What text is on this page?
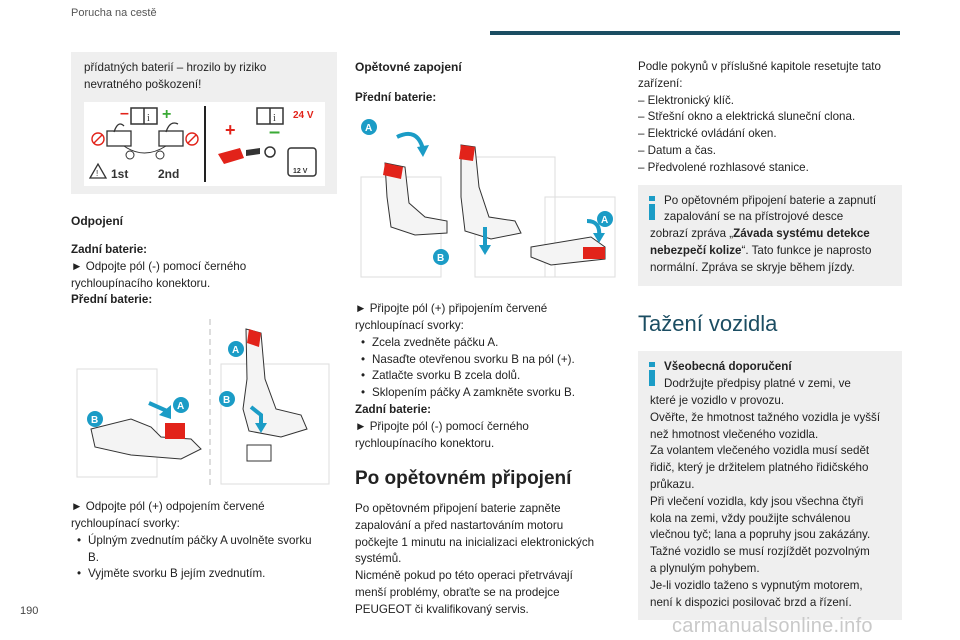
Porucha na cestě
přídatných baterií – hrozilo by riziko
nevratného poškození!
i
– +
! 1st 2nd
i 24 V
+ –
12 V
Odpojení
Zadní baterie:
► Odpojte pól (-) pomocí černého
rychloupínacího konektoru.
Přední baterie:
A
B
A
B
► Odpojte pól (+) odpojením červené
rychloupínací svorky:
• Úplným zvednutím páčky A uvolněte svorku
B.
• Vyjměte svorku B jejím zvednutím.
Opětovné zapojení
Přední baterie:
A
B
A
► Připojte pól (+) připojením červené
rychloupínací svorky:
• Zcela zvedněte páčku A.
• Nasaďte otevřenou svorku B na pól (+).
• Zatlačte svorku B zcela dolů.
• Sklopením páčky A zamkněte svorku B.
Zadní baterie:
► Připojte pól (-) pomocí černého
rychloupínacího konektoru.
Po opětovném připojení
Po opětovném připojení baterie zapněte
zapalování a před nastartováním motoru
počkejte 1 minutu na inicializaci elektronických
systémů.
Nicméně pokud po této operaci přetrvávají
menší problémy, obraťte se na prodejce
PEUGEOT či kvalifikovaný servis.
Podle pokynů v příslušné kapitole resetujte tato
zařízení:
– Elektronický klíč.
– Střešní okno a elektrická sluneční clona.
– Elektrické ovládání oken.
– Datum a čas.
– Předvolené rozhlasové stanice.
Po opětovném připojení baterie a zapnutí
zapalování se na přístrojové desce
zobrazí zpráva „Závada systému detekce
nebezpečí kolize“. Tato funkce je naprosto
normální. Zpráva se skryje během jízdy.
Tažení vozidla
Všeobecná doporučení
Dodržujte předpisy platné v zemi, ve
které je vozidlo v provozu.
Ověřte, že hmotnost tažného vozidla je vyšší
než hmotnost vlečeného vozidla.
Za volantem vlečeného vozidla musí sedět
řidič, který je držitelem platného řidičského
průkazu.
Při vlečení vozidla, kdy jsou všechna čtyři
kola na zemi, vždy použijte schválenou
vlečnou tyč; lana a popruhy jsou zakázány.
Tažné vozidlo se musí rozjíždět pozvolným
a plynulým pohybem.
Je-li vozidlo taženo s vypnutým motorem,
není k dispozici posilovač brzd a řízení.
190
carmanualsonline.info
